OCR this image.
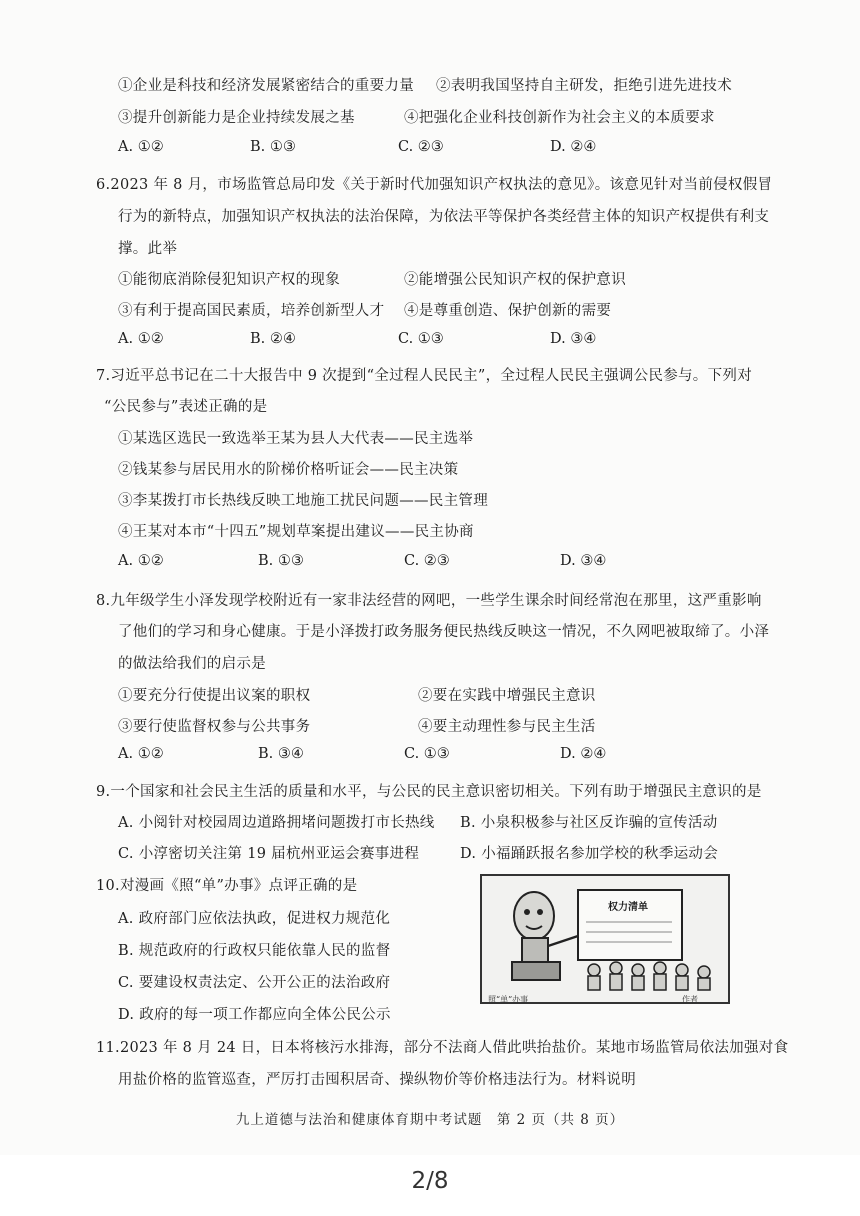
①企业是科技和经济发展紧密结合的重要力量 ②表明我国坚持自主研发，拒绝引进先进技术
③提升创新能力是企业持续发展之基	④把强化企业科技创新作为社会主义的本质要求
A. ①②	B. ①③	C. ②③	D. ②④
6.2023 年 8 月，市场监管总局印发《关于新时代加强知识产权执法的意见》。该意见针对当前侵权假冒
行为的新特点，加强知识产权执法的法治保障，为依法平等保护各类经营主体的知识产权提供有利支
撑。此举
①能彻底消除侵犯知识产权的现象	②能增强公民知识产权的保护意识
③有利于提高国民素质，培养创新型人才 ④是尊重创造、保护创新的需要
A. ①②	B. ②④	C. ①③	D. ③④
7.习近平总书记在二十大报告中 9 次提到“全过程人民民主”，全过程人民民主强调公民参与。下列对
“公民参与”表述正确的是
①某选区选民一致选举王某为县人大代表——民主选举
②钱某参与居民用水的阶梯价格听证会——民主决策
③李某拨打市长热线反映工地施工扰民问题——民主管理
④王某对本市“十四五”规划草案提出建议——民主协商
A. ①②	B. ①③	C. ②③	D. ③④
8.九年级学生小泽发现学校附近有一家非法经营的网吧，一些学生课余时间经常泡在那里，这严重影响
了他们的学习和身心健康。于是小泽拨打政务服务便民热线反映这一情况，不久网吧被取缔了。小泽
的做法给我们的启示是
①要充分行使提出议案的职权	②要在实践中增强民主意识
③要行使监督权参与公共事务	④要主动理性参与民主生活
A. ①②	B. ③④	C. ①③	D. ②④
9.一个国家和社会民主生活的质量和水平，与公民的民主意识密切相关。下列有助于增强民主意识的是
A. 小阅针对校园周边道路拥堵问题拨打市长热线 B. 小泉积极参与社区反诈骗的宣传活动
C. 小淳密切关注第 19 届杭州亚运会赛事进程	D. 小福踊跃报名参加学校的秋季运动会
10.对漫画《照“单”办事》点评正确的是
A. 政府部门应依法执政，促进权力规范化
B. 规范政府的行政权只能依靠人民的监督
C. 要建设权责法定、公开公正的法治政府
D. 政府的每一项工作都应向全体公民公示
权力清单
照“单”办事	作者
11.2023 年 8 月 24 日，日本将核污水排海，部分不法商人借此哄抬盐价。某地市场监管局依法加强对食
用盐价格的监管巡查，严厉打击囤积居奇、操纵物价等价格违法行为。材料说明
九上道德与法治和健康体育期中考试题　第 2 页（共 8 页）
2/8
